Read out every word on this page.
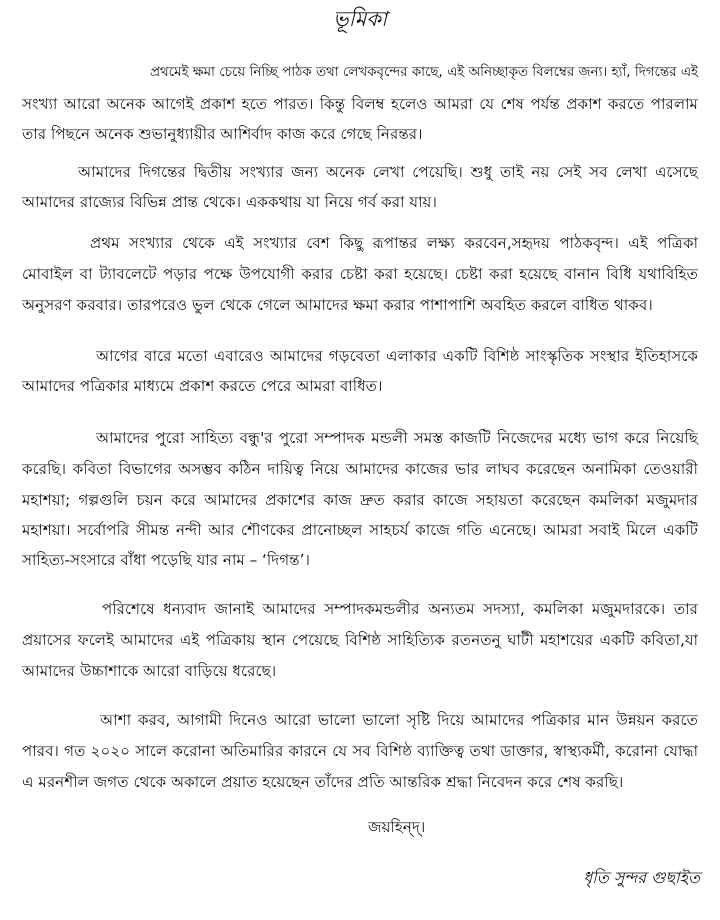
ভূমিকা
প্রথমেই ক্ষমা চেয়ে নিচ্ছি পাঠক তথা লেখকবৃন্দের কাছে, এই অনিচ্ছাকৃত বিলম্বের জন্য। হ্যাঁ, দিগন্তের এই
সংখ্যা আরো অনেক আগেই প্রকাশ হতে পারত। কিন্তু বিলম্ব হলেও আমরা যে শেষ পর্যন্ত প্রকাশ করতে পারলাম
তার পিছনে অনেক শুভানুধ্যায়ীর আশির্বাদ কাজ করে গেছে নিরন্তর।
আমাদের দিগন্তের দ্বিতীয় সংখ্যার জন্য অনেক লেখা পেয়েছি। শুধু তাই নয় সেই সব লেখা এসেছে
আমাদের রাজ্যের বিভিন্ন প্রান্ত থেকে। এককথায় যা নিয়ে গর্ব করা যায়।
প্রথম সংখ্যার থেকে এই সংখ্যার বেশ কিছু রূপান্তর লক্ষ্য করবেন,সহৃদয় পাঠকবৃন্দ। এই পত্রিকা
মোবাইল বা ট্যাবলেটে পড়ার পক্ষে উপযোগী করার চেষ্টা করা হয়েছে। চেষ্টা করা হয়েছে বানান বিধি যথাবিহিত
অনুসরণ করবার। তারপরেও ভুল থেকে গেলে আমাদের ক্ষমা করার পাশাপাশি অবহিত করলে বাধিত থাকব।
আগের বারে মতো এবারেও আমাদের গড়বেতা এলাকার একটি বিশিষ্ঠ সাংস্কৃতিক সংস্থার ইতিহাসকে
আমাদের পত্রিকার মাধ্যমে প্রকাশ করতে পেরে আমরা বাধিত।
আমাদের পুরো সাহিত্য বন্ধু'র পুরো সম্পাদক মন্ডলী সমস্ত কাজটি নিজেদের মধ্যে ভাগ করে নিয়েছি
করেছি। কবিতা বিভাগের অসম্ভব কঠিন দায়িত্ব নিয়ে আমাদের কাজের ভার লাঘব করেছেন অনামিকা তেওয়ারী
মহাশয়া; গল্পগুলি চয়ন করে আমাদের প্রকাশের কাজ দ্রুত করার কাজে সহায়তা করেছেন কমলিকা মজুমদার
মহাশয়া। সর্বোপরি সীমন্ত নন্দী আর শৌণকের প্রানোচ্ছল সাহচর্য কাজে গতি এনেছে। আমরা সবাই মিলে একটি
সাহিত্য-সংসারে বাঁধা পড়েছি যার নাম – ‘দিগন্ত’।
পরিশেষে ধন্যবাদ জানাই আমাদের সম্পাদকমন্ডলীর অন্যতম সদস্যা, কমলিকা মজুমদারকে। তার
প্রয়াসের ফলেই আমাদের এই পত্রিকায় স্থান পেয়েছে বিশিষ্ঠ সাহিত্যিক রতনতনু ঘাটী মহাশয়ের একটি কবিতা,যা
আমাদের উচ্চাশাকে আরো বাড়িয়ে ধরেছে।
আশা করব, আগামী দিনেও আরো ভালো ভালো সৃষ্টি দিয়ে আমাদের পত্রিকার মান উন্নয়ন করতে
পারব। গত ২০২০ সালে করোনা অতিমারির কারনে যে সব বিশিষ্ঠ ব্যাক্তিত্ব তথা ডাক্তার, স্বাস্থ্যকর্মী, করোনা যোদ্ধা
এ মরনশীল জগত থেকে অকালে প্রয়াত হয়েছেন তাঁদের প্রতি আন্তরিক শ্রদ্ধা নিবেদন করে শেষ করছি।
জয়হিন্দ্।
ধৃতি সুন্দর গুছাইত
